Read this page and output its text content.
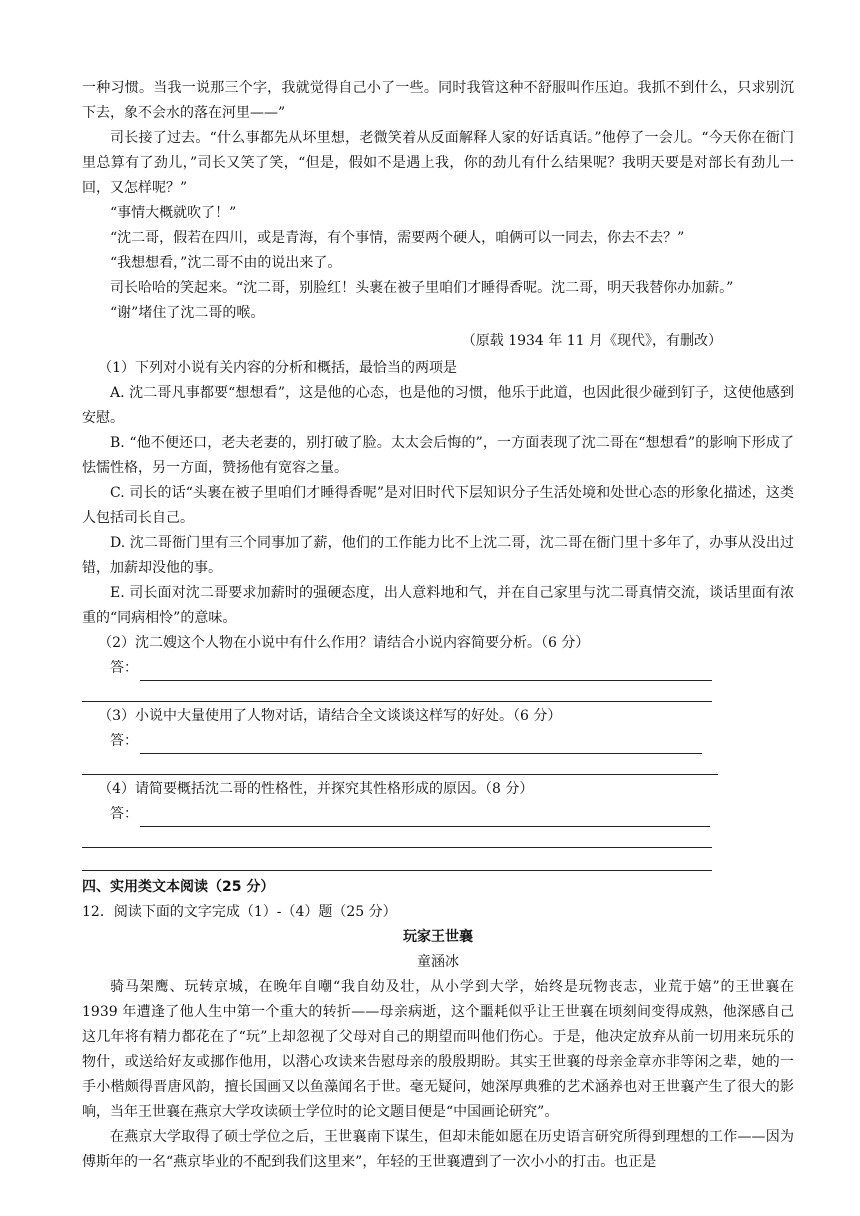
一种习惯。当我一说那三个字，我就觉得自己小了一些。同时我管这种不舒服叫作压迫。我抓不到什么，只求别沉下去，象不会水的落在河里——”

司长接了过去。“什么事都先从坏里想，老微笑着从反面解释人家的好话真话。”他停了一会儿。“今天你在衙门里总算有了劲儿，”司长又笑了笑，“但是，假如不是遇上我，你的劲儿有什么结果呢？我明天要是对部长有劲儿一回，又怎样呢？”

“事情大概就吹了！”

“沈二哥，假若在四川，或是青海，有个事情，需要两个硬人，咱俩可以一同去，你去不去？”

“我想想看，”沈二哥不由的说出来了。

司长哈哈的笑起来。“沈二哥，别脸红！头裹在被子里咱们才睡得香呢。沈二哥，明天我替你办加薪。”

“谢”堵住了沈二哥的喉。

（原载 1934 年 11 月《现代》，有删改）

（1）下列对小说有关内容的分析和概括，最恰当的两项是

A. 沈二哥凡事都要“想想看”，这是他的心态，也是他的习惯，他乐于此道，也因此很少碰到钉子，这使他感到安慰。

B. “他不便还口，老夫老妻的，别打破了脸。太太会后悔的”，一方面表现了沈二哥在“想想看”的影响下形成了怯懦性格，另一方面，赞扬他有宽容之量。

C. 司长的话“头裹在被子里咱们才睡得香呢”是对旧时代下层知识分子生活处境和处世心态的形象化描述，这类人包括司长自己。

D. 沈二哥衙门里有三个同事加了薪，他们的工作能力比不上沈二哥，沈二哥在衙门里十多年了，办事从没出过错，加薪却没他的事。

E. 司长面对沈二哥要求加薪时的强硬态度，出人意料地和气，并在自己家里与沈二哥真情交流，谈话里面有浓重的“同病相怜”的意味。

（2）沈二嫂这个人物在小说中有什么作用？请结合小说内容简要分析。（6 分）

答：

（3）小说中大量使用了人物对话，请结合全文谈谈这样写的好处。（6 分）

答：

（4）请简要概括沈二哥的性格性，并探究其性格形成的原因。（8 分）

答：

四、实用类文本阅读（25 分）

12．阅读下面的文字完成（1）-（4）题（25 分）

玩家王世襄

童涵冰

骑马架鹰、玩转京城，在晚年自嘲“我自幼及壮，从小学到大学，始终是玩物丧志，业荒于嬉”的王世襄在 1939 年遭逢了他人生中第一个重大的转折——母亲病逝，这个噩耗似乎让王世襄在顷刻间变得成熟，他深感自己这几年将有精力都花在了“玩”上却忽视了父母对自己的期望而叫他们伤心。于是，他决定放弃从前一切用来玩乐的物什，或送给好友或挪作他用，以潜心攻读来告慰母亲的殷殷期盼。其实王世襄的母亲金章亦非等闲之辈，她的一手小楷颇得晋唐风韵，擅长国画又以鱼藻闻名于世。毫无疑问，她深厚典雅的艺术涵养也对王世襄产生了很大的影响，当年王世襄在燕京大学攻读硕士学位时的论文题目便是“中国画论研究”。

在燕京大学取得了硕士学位之后，王世襄南下谋生，但却未能如愿在历史语言研究所得到理想的工作——因为傅斯年的一名“燕京毕业的不配到我们这里来”，年轻的王世襄遭到了一次小小的打击。也正是
